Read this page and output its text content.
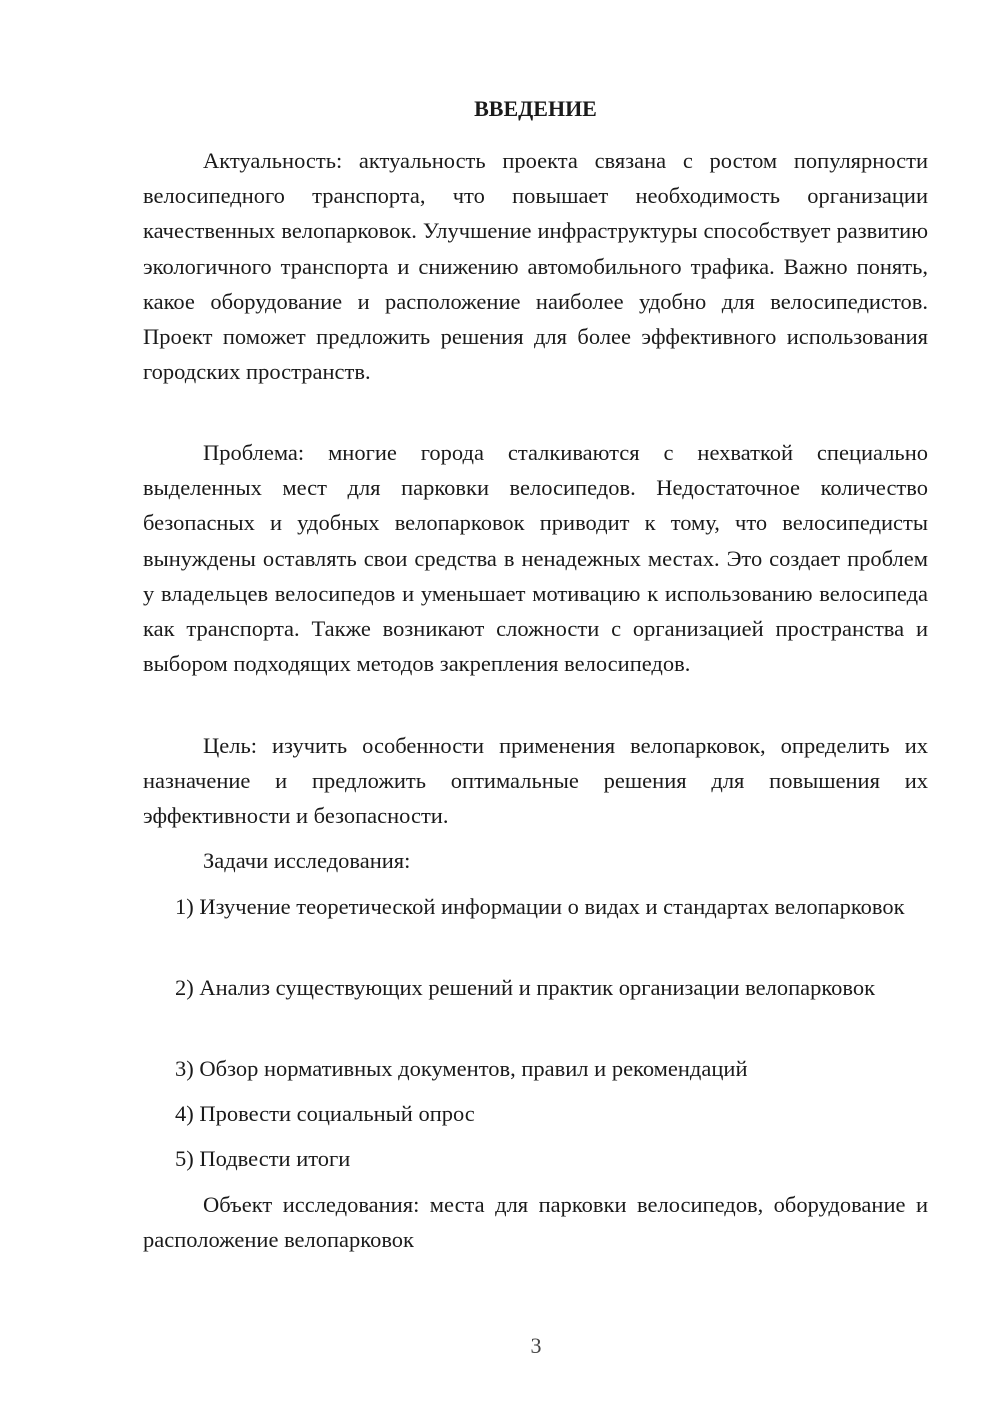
ВВЕДЕНИЕ

Актуальность: актуальность проекта связана с ростом популярности велосипедного транспорта, что повышает необходимость организации качественных велопарковок. Улучшение инфраструктуры способствует развитию экологичного транспорта и снижению автомобильного трафика. Важно понять, какое оборудование и расположение наиболее удобно для велосипедистов. Проект поможет предложить решения для более эффективного использования городских пространств.

Проблема: многие города сталкиваются с нехваткой специально выделенных мест для парковки велосипедов. Недостаточное количество безопасных и удобных велопарковок приводит к тому, что велосипедисты вынуждены оставлять свои средства в ненадежных местах. Это создает проблем у владельцев велосипедов и уменьшает мотивацию к использованию велосипеда как транспорта. Также возникают сложности с организацией пространства и выбором подходящих методов закрепления велосипедов.

Цель: изучить особенности применения велопарковок, определить их назначение и предложить оптимальные решения для повышения их эффективности и безопасности.

Задачи исследования:

1) Изучение теоретической информации о видах и стандартах велопарковок

2) Анализ существующих решений и практик организации велопарковок

3) Обзор нормативных документов, правил и рекомендаций

4) Провести социальный опрос

5) Подвести итоги

Объект исследования: места для парковки велосипедов, оборудование и расположение велопарковок

3
